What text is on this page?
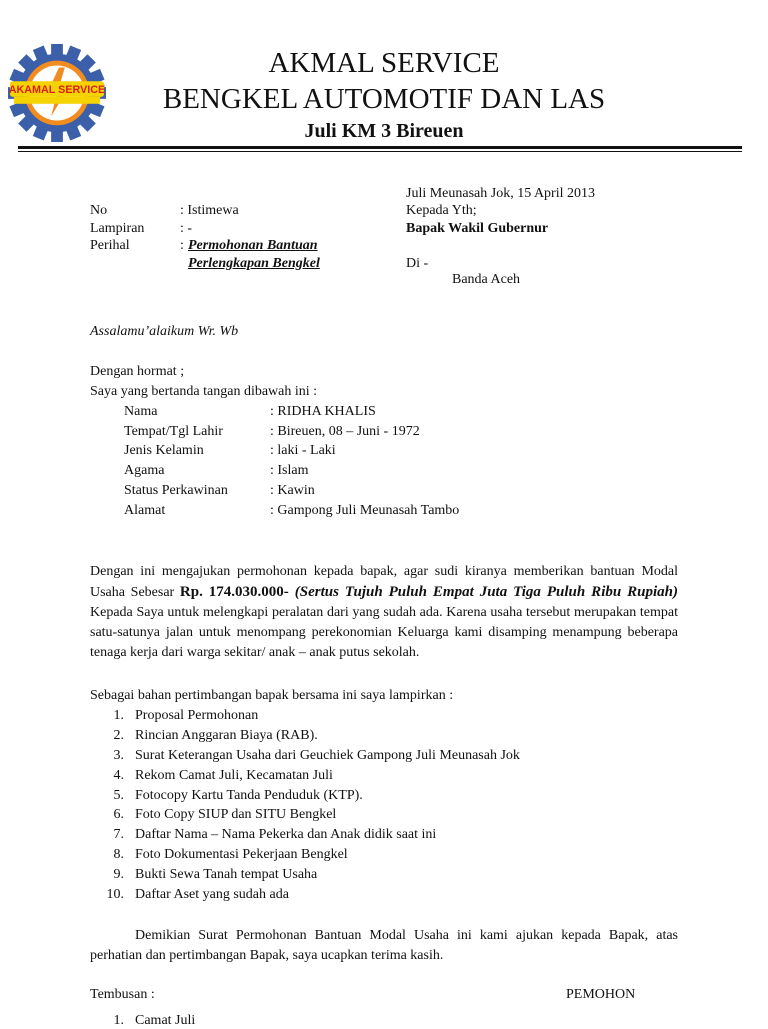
AKAMAL SERVICE
AKMAL SERVICE
BENGKEL AUTOMOTIF DAN LAS
Juli KM 3 Bireuen
Juli Meunasah Jok, 15 April 2013
Kepada Yth;
Bapak Wakil Gubernur
Di -
Banda Aceh
No	: Istimewa
Lampiran	: -
Perihal	: Permohonan Bantuan
Perlengkapan Bengkel
Assalamu’alaikum Wr. Wb
Dengan hormat ;
Saya yang bertanda tangan dibawah ini :
Nama	: RIDHA KHALIS
Tempat/Tgl Lahir	: Bireuen, 08 – Juni - 1972
Jenis Kelamin	: laki - Laki
Agama	: Islam
Status Perkawinan	: Kawin
Alamat	: Gampong Juli Meunasah Tambo
Dengan ini mengajukan permohonan kepada bapak, agar sudi kiranya memberikan bantuan Modal Usaha Sebesar Rp. 174.030.000- (Sertus Tujuh Puluh Empat Juta Tiga Puluh Ribu Rupiah) Kepada Saya untuk melengkapi peralatan dari yang sudah ada. Karena usaha tersebut merupakan tempat satu-satunya jalan untuk menompang perekonomian Keluarga kami disamping menampung beberapa tenaga kerja dari warga sekitar/ anak – anak putus sekolah.
Sebagai bahan pertimbangan bapak bersama ini saya lampirkan :
1. Proposal Permohonan
2. Rincian Anggaran Biaya (RAB).
3. Surat Keterangan Usaha dari Geuchiek Gampong Juli Meunasah Jok
4. Rekom Camat Juli, Kecamatan Juli
5. Fotocopy Kartu Tanda Penduduk (KTP).
6. Foto Copy SIUP dan SITU Bengkel
7. Daftar Nama – Nama Pekerka dan Anak didik saat ini
8. Foto Dokumentasi Pekerjaan Bengkel
9. Bukti Sewa Tanah tempat Usaha
10. Daftar Aset yang sudah ada
Demikian Surat Permohonan Bantuan Modal Usaha ini kami ajukan kepada Bapak, atas perhatian dan pertimbangan Bapak, saya ucapkan terima kasih.
Tembusan :	PEMOHON
1. Camat Juli
